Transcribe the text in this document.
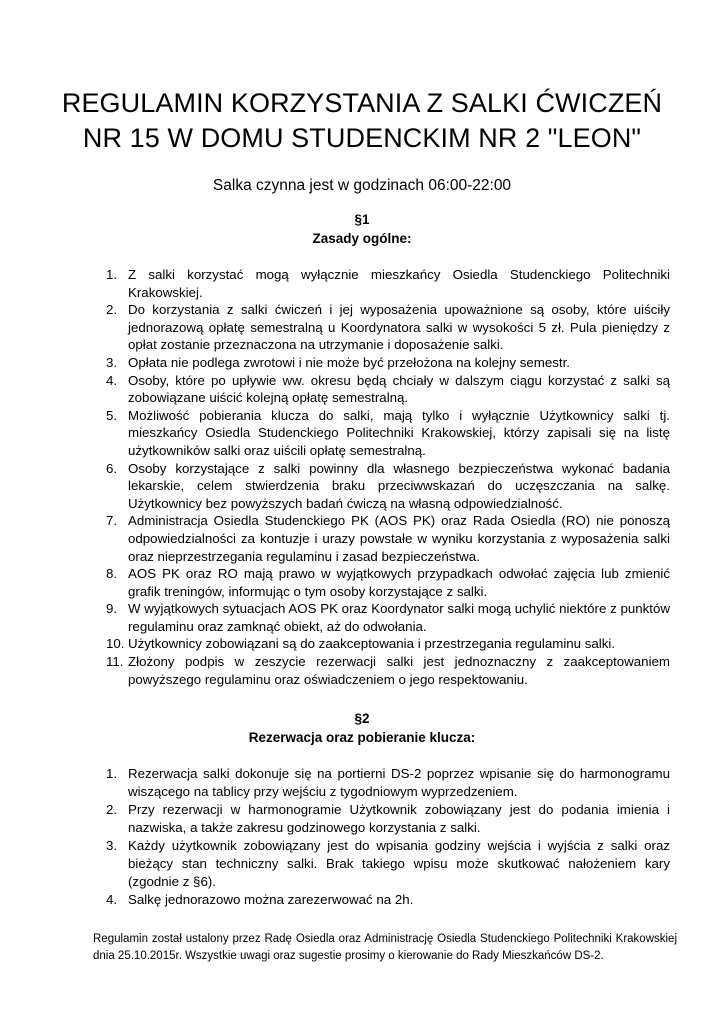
REGULAMIN KORZYSTANIA Z SALKI ĆWICZEŃ
NR 15 W DOMU STUDENCKIM NR 2 "LEON"

Salka czynna jest w godzinach 06:00-22:00

§1
Zasady ogólne:
1. Z salki korzystać mogą wyłącznie mieszkańcy Osiedla Studenckiego Politechniki Krakowskiej.
2. Do korzystania z salki ćwiczeń i jej wyposażenia upoważnione są osoby, które uiściły jednorazową opłatę semestralną u Koordynatora salki w wysokości 5 zł. Pula pieniędzy z opłat zostanie przeznaczona na utrzymanie i doposażenie salki.
3. Opłata nie podlega zwrotowi i nie może być przełożona na kolejny semestr.
4. Osoby, które po upływie ww. okresu będą chciały w dalszym ciągu korzystać z salki są zobowiązane uiścić kolejną opłatę semestralną.
5. Możliwość pobierania klucza do salki, mają tylko i wyłącznie Użytkownicy salki tj. mieszkańcy Osiedla Studenckiego Politechniki Krakowskiej, którzy zapisali się na listę użytkowników salki oraz uiścili opłatę semestralną.
6. Osoby korzystające z salki powinny dla własnego bezpieczeństwa wykonać badania lekarskie, celem stwierdzenia braku przeciwwskazań do uczęszczania na salkę. Użytkownicy bez powyższych badań ćwiczą na własną odpowiedzialność.
7. Administracja Osiedla Studenckiego PK (AOS PK) oraz Rada Osiedla (RO) nie ponoszą odpowiedzialności za kontuzje i urazy powstałe w wyniku korzystania z wyposażenia salki oraz nieprzestrzegania regulaminu i zasad bezpieczeństwa.
8. AOS PK oraz RO mają prawo w wyjątkowych przypadkach odwołać zajęcia lub zmienić grafik treningów, informując o tym osoby korzystające z salki.
9. W wyjątkowych sytuacjach AOS PK oraz Koordynator salki mogą uchylić niektóre z punktów regulaminu oraz zamknąć obiekt, aż do odwołania.
10. Użytkownicy zobowiązani są do zaakceptowania i przestrzegania regulaminu salki.
11. Złożony podpis w zeszycie rezerwacji salki jest jednoznaczny z zaakceptowaniem powyższego regulaminu oraz oświadczeniem o jego respektowaniu.
§2
Rezerwacja oraz pobieranie klucza:
1. Rezerwacja salki dokonuje się na portierni DS-2 poprzez wpisanie się do harmonogramu wiszącego na tablicy przy wejściu z tygodniowym wyprzedzeniem.
2. Przy rezerwacji w harmonogramie Użytkownik zobowiązany jest do podania imienia i nazwiska, a także zakresu godzinowego korzystania z salki.
3. Każdy użytkownik zobowiązany jest do wpisania godziny wejścia i wyjścia z salki oraz bieżący stan techniczny salki. Brak takiego wpisu może skutkować nałożeniem kary (zgodnie z §6).
4. Salkę jednorazowo można zarezerwować na 2h.

Regulamin został ustalony przez Radę Osiedla oraz Administrację Osiedla Studenckiego Politechniki Krakowskiej dnia 25.10.2015r. Wszystkie uwagi oraz sugestie prosimy o kierowanie do Rady Mieszkańców DS-2.
